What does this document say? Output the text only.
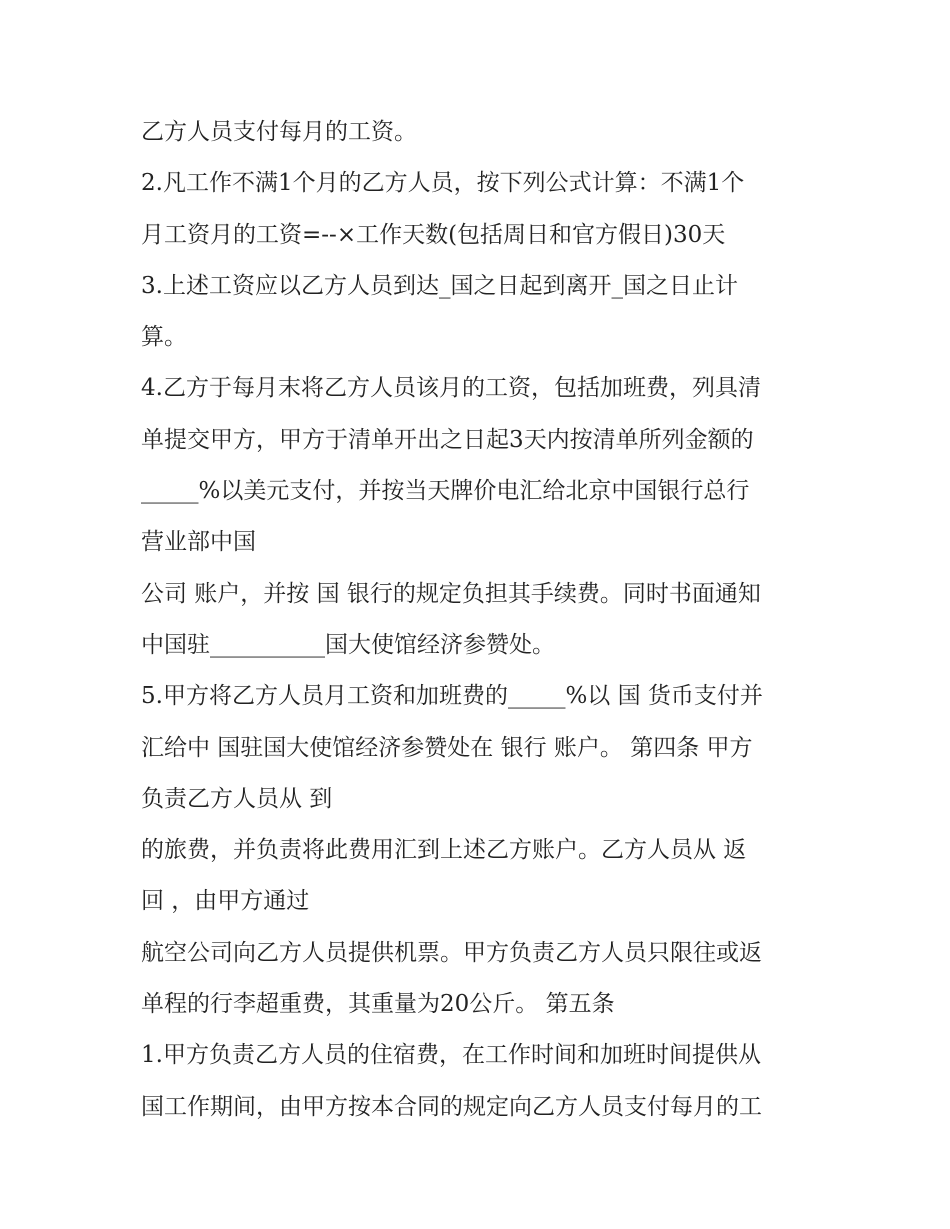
乙方人员支付每月的工资。
2.凡工作不满1个月的乙方人员，按下列公式计算：不满1个
月工资月的工资=--×工作天数(包括周日和官方假日)30天
3.上述工资应以乙方人员到达_国之日起到离开_国之日止计
算。
4.乙方于每月末将乙方人员该月的工资，包括加班费，列具清
单提交甲方，甲方于清单开出之日起3天内按清单所列金额的
_____%以美元支付，并按当天牌价电汇给北京中国银行总行
营业部中国
公司 账户，并按 国 银行的规定负担其手续费。同时书面通知
中国驻__________国大使馆经济参赞处。
5.甲方将乙方人员月工资和加班费的_____%以 国 货币支付并
汇给中 国驻国大使馆经济参赞处在 银行 账户。 第四条 甲方
负责乙方人员从 到
的旅费，并负责将此费用汇到上述乙方账户。乙方人员从 返
回 ，由甲方通过
航空公司向乙方人员提供机票。甲方负责乙方人员只限往或返
单程的行李超重费，其重量为20公斤。 第五条
1.甲方负责乙方人员的住宿费，在工作时间和加班时间提供从
国工作期间，由甲方按本合同的规定向乙方人员支付每月的工
